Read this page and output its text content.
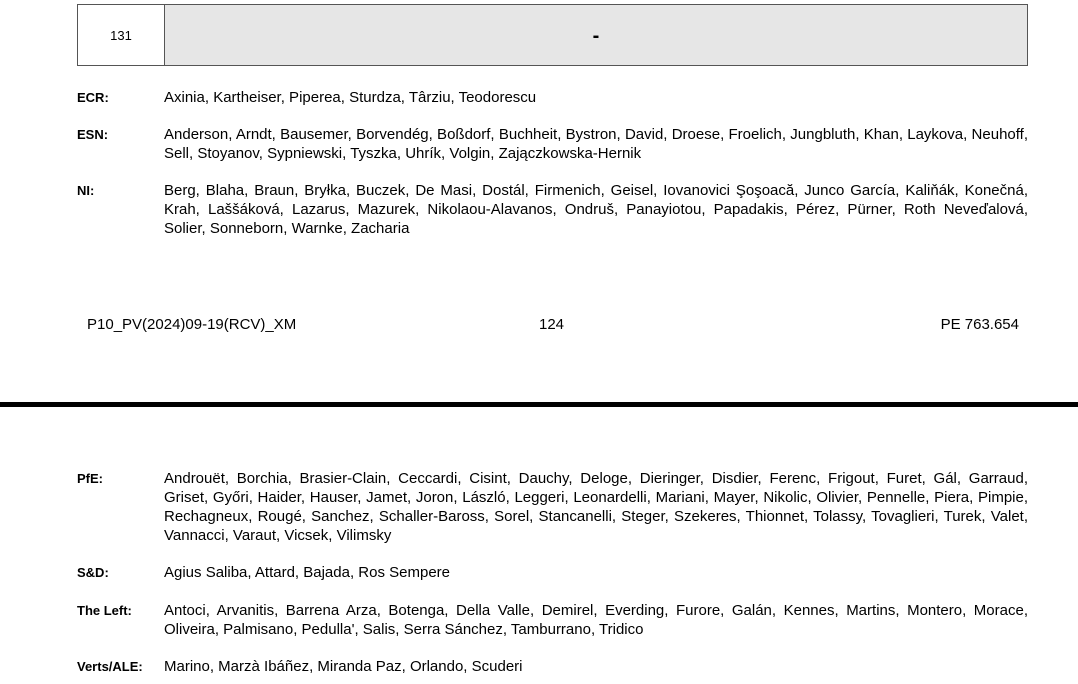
131	-
ECR:	Axinia, Kartheiser, Piperea, Sturdza, Târziu, Teodorescu
ESN:	Anderson, Arndt, Bausemer, Borvendég, Boßdorf, Buchheit, Bystron, David, Droese, Froelich, Jungbluth, Khan, Laykova, Neuhoff, Sell, Stoyanov, Sypniewski, Tyszka, Uhrík, Volgin, Zajączkowska-Hernik
NI:	Berg, Blaha, Braun, Bryłka, Buczek, De Masi, Dostál, Firmenich, Geisel, Iovanovici Şoşoacă, Junco García, Kaliňák, Konečná, Krah, Laššáková, Lazarus, Mazurek, Nikolaou-Alavanos, Ondruš, Panayiotou, Papadakis, Pérez, Pürner, Roth Neveďalová, Solier, Sonneborn, Warnke, Zacharia
P10_PV(2024)09-19(RCV)_XM	124	PE 763.654
PfE:	Androuët, Borchia, Brasier-Clain, Ceccardi, Cisint, Dauchy, Deloge, Dieringer, Disdier, Ferenc, Frigout, Furet, Gál, Garraud, Griset, Győri, Haider, Hauser, Jamet, Joron, László, Leggeri, Leonardelli, Mariani, Mayer, Nikolic, Olivier, Pennelle, Piera, Pimpie, Rechagneux, Rougé, Sanchez, Schaller-Baross, Sorel, Stancanelli, Steger, Szekeres, Thionnet, Tolassy, Tovaglieri, Turek, Valet, Vannacci, Varaut, Vicsek, Vilimsky
S&D:	Agius Saliba, Attard, Bajada, Ros Sempere
The Left:	Antoci, Arvanitis, Barrena Arza, Botenga, Della Valle, Demirel, Everding, Furore, Galán, Kennes, Martins, Montero, Morace, Oliveira, Palmisano, Pedulla', Salis, Serra Sánchez, Tamburrano, Tridico
Verts/ALE:	Marino, Marzà Ibáñez, Miranda Paz, Orlando, Scuderi
